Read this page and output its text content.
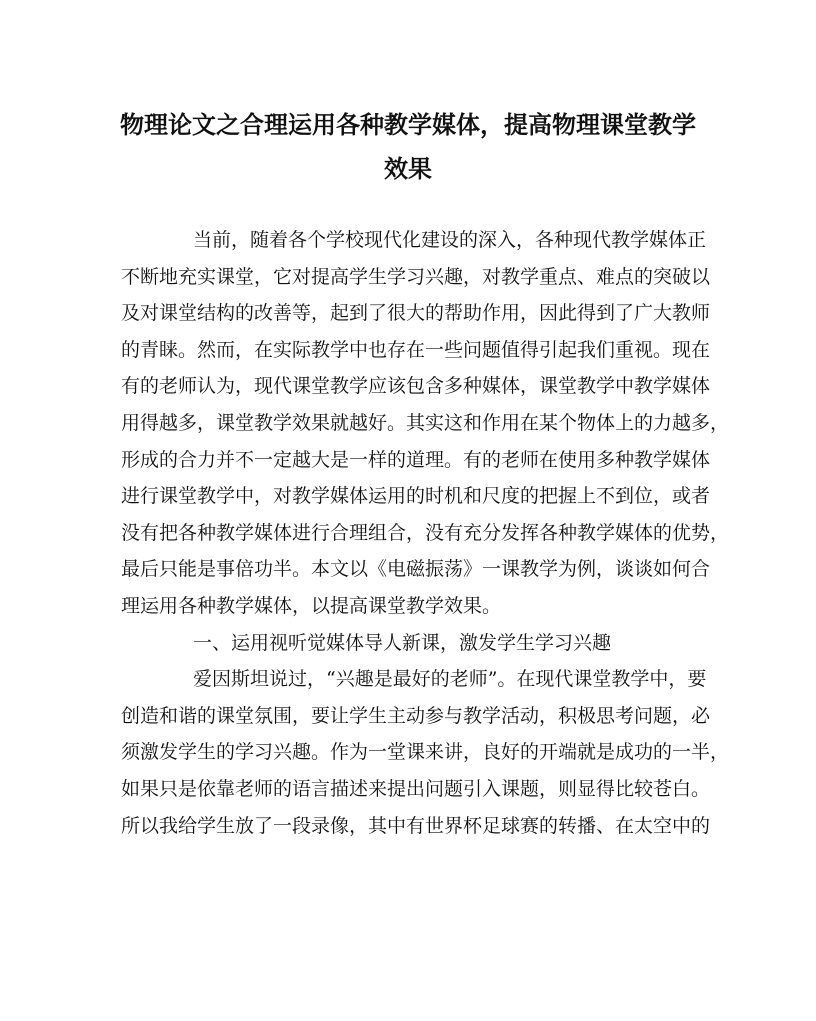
物理论文之合理运用各种教学媒体，提高物理课堂教学
效果
当前，随着各个学校现代化建设的深入，各种现代教学媒体正
不断地充实课堂，它对提高学生学习兴趣，对教学重点、难点的突破以
及对课堂结构的改善等，起到了很大的帮助作用，因此得到了广大教师
的青睐。然而，在实际教学中也存在一些问题值得引起我们重视。现在
有的老师认为，现代课堂教学应该包含多种媒体，课堂教学中教学媒体
用得越多，课堂教学效果就越好。其实这和作用在某个物体上的力越多，
形成的合力并不一定越大是一样的道理。有的老师在使用多种教学媒体
进行课堂教学中，对教学媒体运用的时机和尺度的把握上不到位，或者
没有把各种教学媒体进行合理组合，没有充分发挥各种教学媒体的优势，
最后只能是事倍功半。本文以《电磁振荡》一课教学为例，谈谈如何合
理运用各种教学媒体，以提高课堂教学效果。
一、运用视听觉媒体导人新课，激发学生学习兴趣
爱因斯坦说过，“兴趣是最好的老师”。在现代课堂教学中，要
创造和谐的课堂氛围，要让学生主动参与教学活动，积极思考问题，必
须激发学生的学习兴趣。作为一堂课来讲，良好的开端就是成功的一半，
如果只是依靠老师的语言描述来提出问题引入课题，则显得比较苍白。
所以我给学生放了一段录像，其中有世界杯足球赛的转播、在太空中的
